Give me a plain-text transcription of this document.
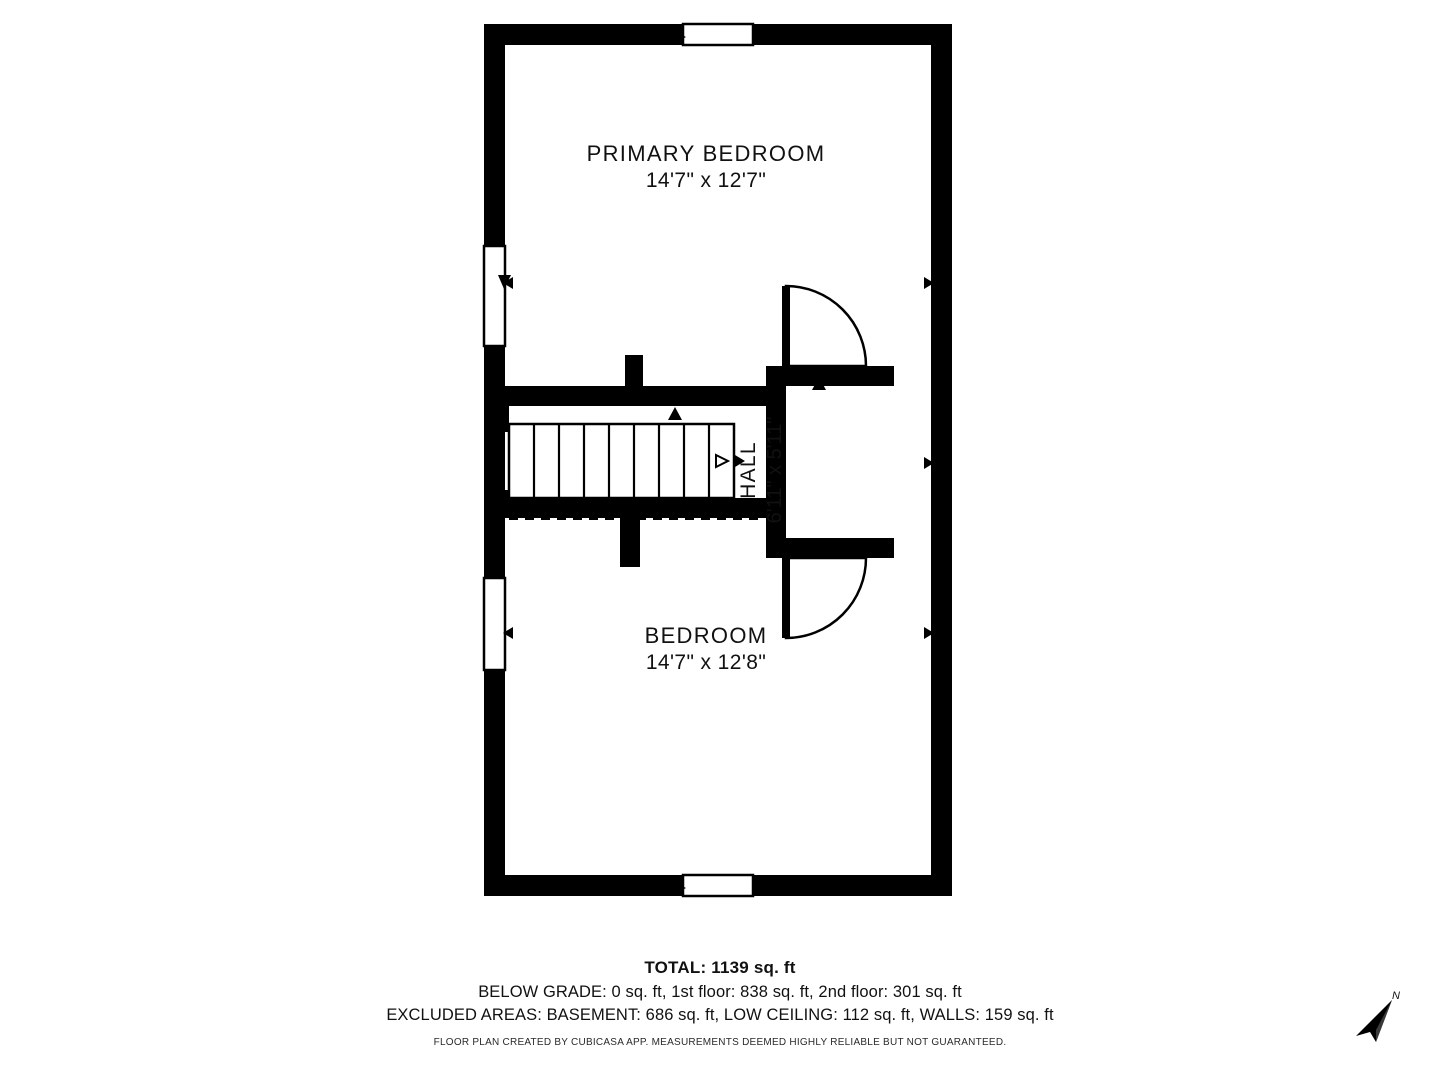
PRIMARY BEDROOM
14'7" x 12'7"
BEDROOM
14'7" x 12'8"
HALL 6'11" x 5'11"
TOTAL: 1139 sq. ft
BELOW GRADE: 0 sq. ft, 1st floor: 838 sq. ft, 2nd floor: 301 sq. ft
EXCLUDED AREAS: BASEMENT: 686 sq. ft, LOW CEILING: 112 sq. ft, WALLS: 159 sq. ft
FLOOR PLAN CREATED BY CUBICASA APP. MEASUREMENTS DEEMED HIGHLY RELIABLE BUT NOT GUARANTEED.
N
